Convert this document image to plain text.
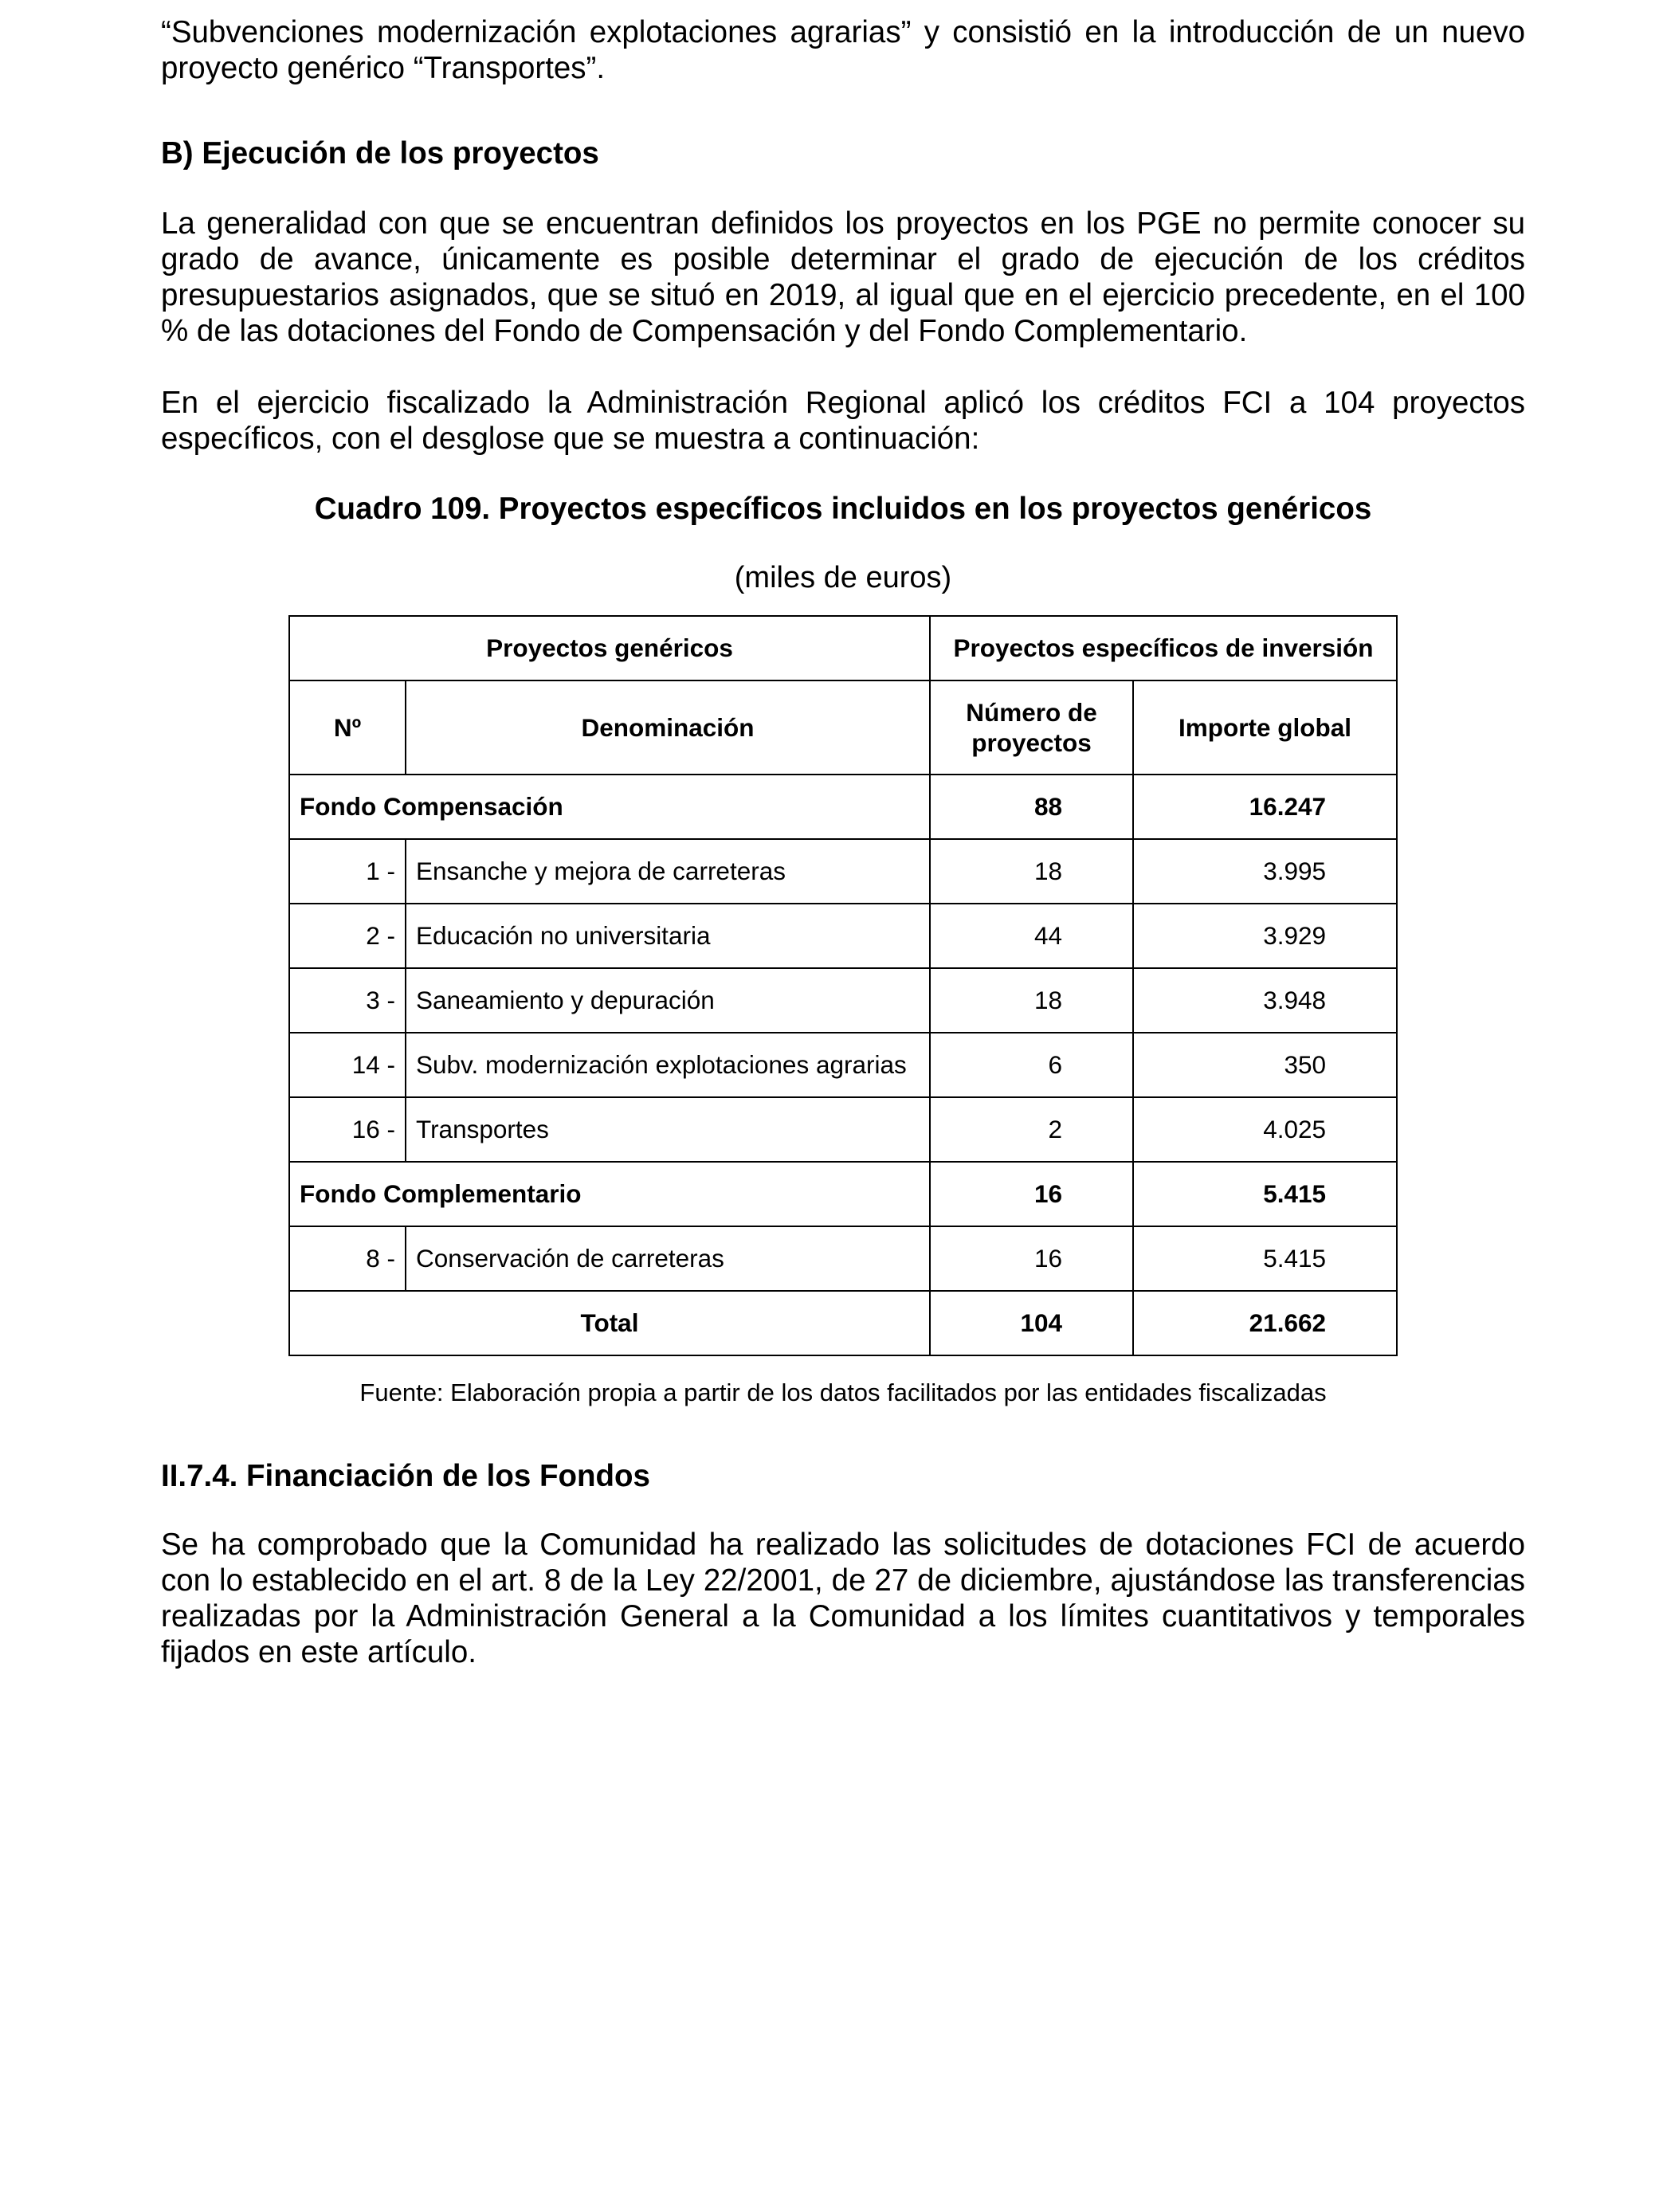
“Subvenciones modernización explotaciones agrarias” y consistió en la introducción de un nuevo proyecto genérico “Transportes”.

B) Ejecución de los proyectos

La generalidad con que se encuentran definidos los proyectos en los PGE no permite conocer su grado de avance, únicamente es posible determinar el grado de ejecución de los créditos presupuestarios asignados, que se situó en 2019, al igual que en el ejercicio precedente, en el 100 % de las dotaciones del Fondo de Compensación y del Fondo Complementario.

En el ejercicio fiscalizado la Administración Regional aplicó los créditos FCI a 104 proyectos específicos, con el desglose que se muestra a continuación:

Cuadro 109. Proyectos específicos incluidos en los proyectos genéricos

(miles de euros)

Proyectos genéricos		Proyectos específicos de inversión	
Nº	Denominación	Número de proyectos	Importe global
Fondo Compensación		88	16.247
1 -	Ensanche y mejora de carreteras	18	3.995
2 -	Educación no universitaria	44	3.929
3 -	Saneamiento y depuración	18	3.948
14 -	Subv. modernización explotaciones agrarias	6	350
16 -	Transportes	2	4.025
Fondo Complementario		16	5.415
8 -	Conservación de carreteras	16	5.415
Total		104	21.662

Fuente: Elaboración propia a partir de los datos facilitados por las entidades fiscalizadas

II.7.4. Financiación de los Fondos

Se ha comprobado que la Comunidad ha realizado las solicitudes de dotaciones FCI de acuerdo con lo establecido en el art. 8 de la Ley 22/2001, de 27 de diciembre, ajustándose las transferencias realizadas por la Administración General a la Comunidad a los límites cuantitativos y temporales fijados en este artículo.
